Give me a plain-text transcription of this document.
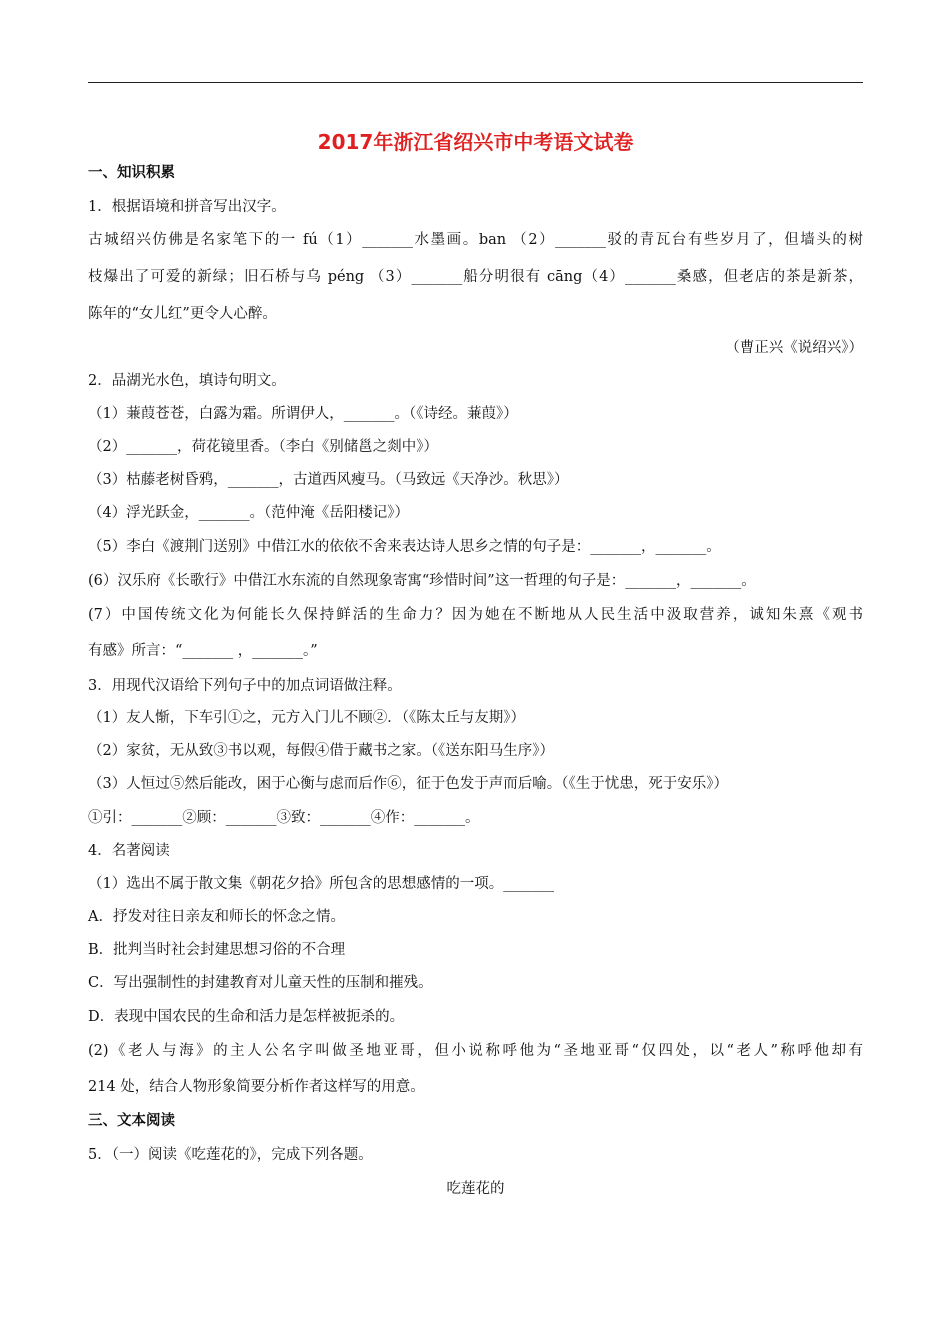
2017年浙江省绍兴市中考语文试卷
一、知识积累
1．根据语境和拼音写出汉字。
古城绍兴仿佛是名家笔下的一 fú（1）_______水墨画。ban （2）_______驳的青瓦台有些岁月了，但墙头的树
枝爆出了可爱的新绿；旧石桥与乌 péng （3）_______船分明很有 cāng（4）_______桑感，但老店的茶是新茶，
陈年的“女儿红”更令人心醉。
（曹正兴《说绍兴》）
2．品湖光水色，填诗句明文。
（1）蒹葭苍苍，白露为霜。所谓伊人，_______。（《诗经。蒹葭》）
（2）_______，荷花镜里香。（李白《别储邕之剡中》）
（3）枯藤老树昏鸦，_______，古道西风瘦马。（马致远《天净沙。秋思》）
（4）浮光跃金，_______。（范仲淹《岳阳楼记》）
（5）李白《渡荆门送别》中借江水的依依不舍来表达诗人思乡之情的句子是：_______，_______。
(6）汉乐府《长歌行》中借江水东流的自然现象寄寓“珍惜时间”这一哲理的句子是：_______，_______。
(7）中国传统文化为何能长久保持鲜活的生命力？因为她在不断地从人民生活中汲取营养，诚知朱熹《观书
有感》所言：“_______ ，_______。”
3．用现代汉语给下列句子中的加点词语做注释。
（1）友人惭，下车引①之，元方入门儿不顾②．（《陈太丘与友期》）
（2）家贫，无从致③书以观，每假④借于藏书之家。（《送东阳马生序》）
（3）人恒过⑤然后能改，困于心衡与虑而后作⑥，征于色发于声而后喻。（《生于忧患，死于安乐》）
①引：_______②顾：_______③致：_______④作：_______。
4．名著阅读
（1）选出不属于散文集《朝花夕拾》所包含的思想感情的一项。_______
A．抒发对往日亲友和师长的怀念之情。
B．批判当时社会封建思想习俗的不合理
C．写出强制性的封建教育对儿童天性的压制和摧残。
D．表现中国农民的生命和活力是怎样被扼杀的。
(2)《老人与海》的主人公名字叫做圣地亚哥，但小说称呼他为“圣地亚哥“仅四处，以“老人”称呼他却有
214 处，结合人物形象简要分析作者这样写的用意。
三、文本阅读
5．（一）阅读《吃莲花的》，完成下列各题。
吃莲花的
